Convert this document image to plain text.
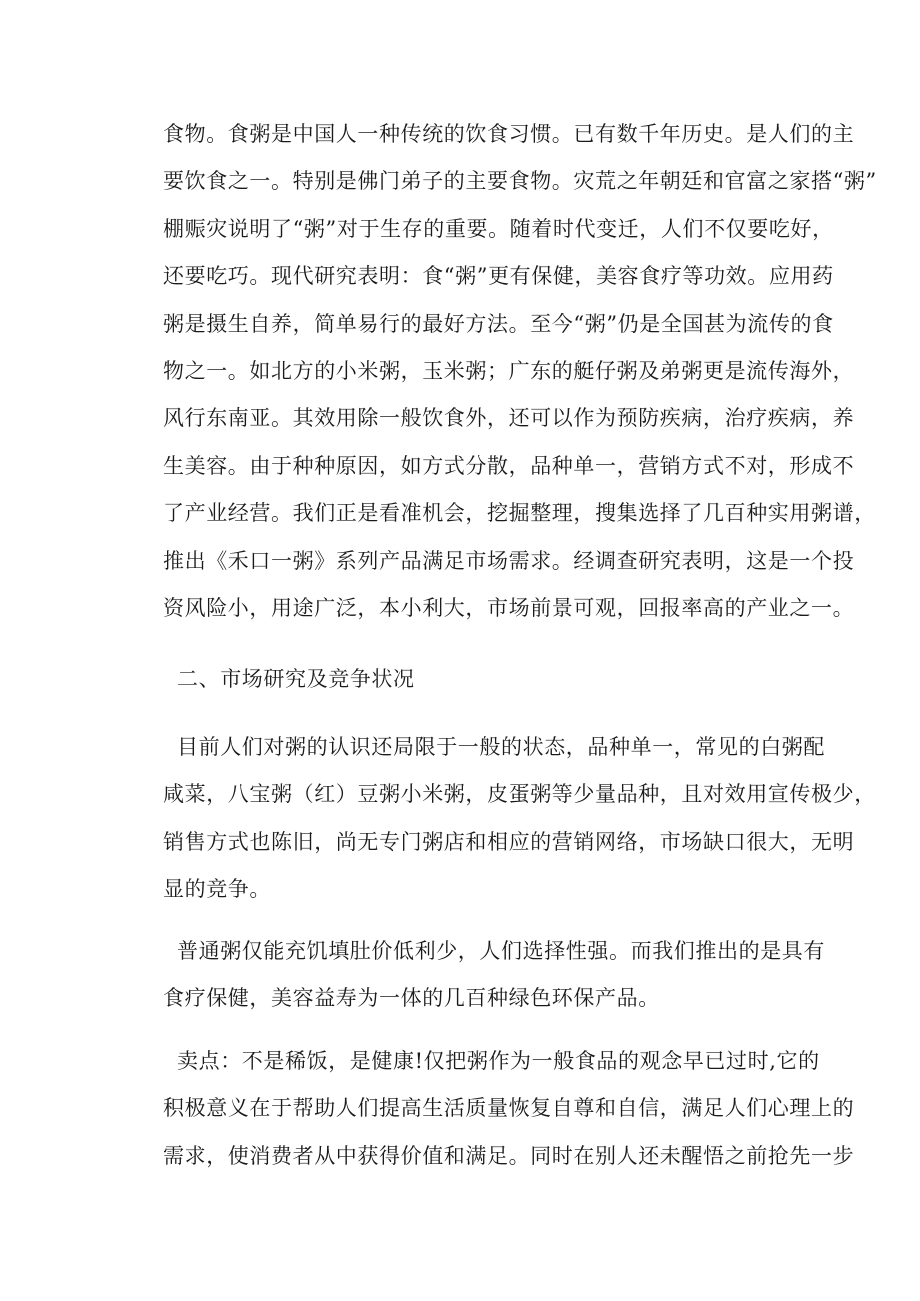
食物。食粥是中国人一种传统的饮食习惯。已有数千年历史。是人们的主
要饮食之一。特别是佛门弟子的主要食物。灾荒之年朝廷和官富之家搭“粥”
棚赈灾说明了“粥”对于生存的重要。随着时代变迁，人们不仅要吃好，
还要吃巧。现代研究表明：食“粥”更有保健，美容食疗等功效。应用药
粥是摄生自养，简单易行的最好方法。至今“粥”仍是全国甚为流传的食
物之一。如北方的小米粥，玉米粥；广东的艇仔粥及弟粥更是流传海外，
风行东南亚。其效用除一般饮食外，还可以作为预防疾病，治疗疾病，养
生美容。由于种种原因，如方式分散，品种单一，营销方式不对，形成不
了产业经营。我们正是看准机会，挖掘整理，搜集选择了几百种实用粥谱，
推出《禾口一粥》系列产品满足市场需求。经调查研究表明，这是一个投
资风险小，用途广泛，本小利大，市场前景可观，回报率高的产业之一。
二、市场研究及竞争状况
目前人们对粥的认识还局限于一般的状态，品种单一，常见的白粥配
咸菜，八宝粥（红）豆粥小米粥，皮蛋粥等少量品种，且对效用宣传极少，
销售方式也陈旧，尚无专门粥店和相应的营销网络，市场缺口很大，无明
显的竞争。
普通粥仅能充饥填肚价低利少，人们选择性强。而我们推出的是具有
食疗保健，美容益寿为一体的几百种绿色环保产品。
卖点：不是稀饭，是健康!仅把粥作为一般食品的观念早已过时,它的
积极意义在于帮助人们提高生活质量恢复自尊和自信，满足人们心理上的
需求，使消费者从中获得价值和满足。同时在别人还未醒悟之前抢先一步
